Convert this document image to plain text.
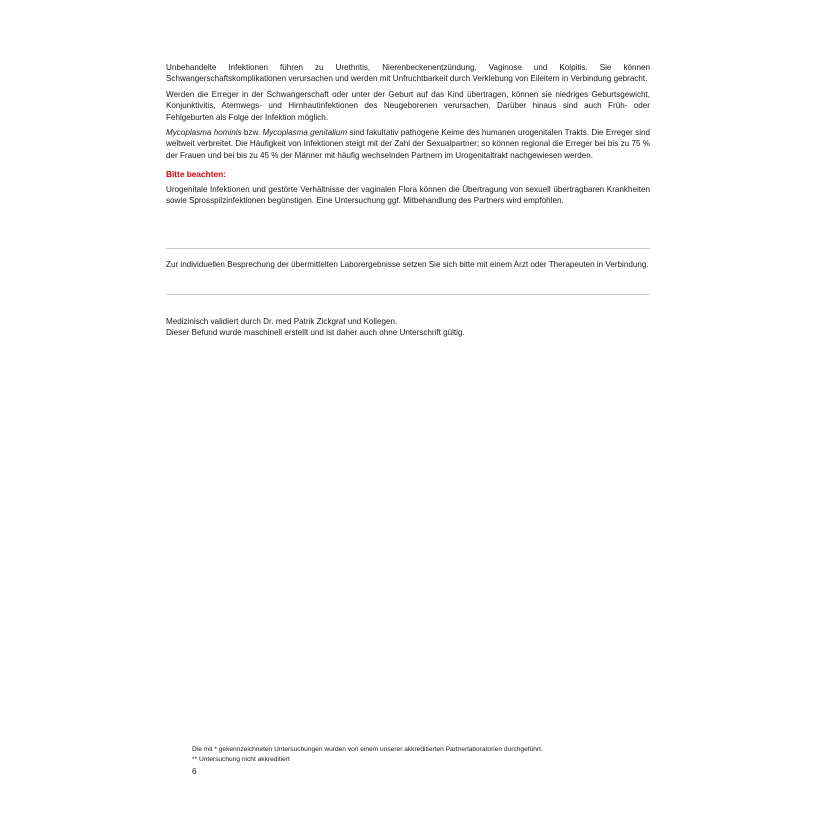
Unbehandelte Infektionen führen zu Urethritis, Nierenbeckenentzündung, Vaginose und Kolpitis. Sie können Schwangerschaftskomplikationen verursachen und werden mit Unfruchtbarkeit durch Verklebung von Eileitern in Verbindung gebracht.

Werden die Erreger in der Schwangerschaft oder unter der Geburt auf das Kind übertragen, können sie niedriges Geburtsgewicht, Konjunktivitis, Atemwegs- und Hirnhautinfektionen des Neugeborenen verursachen. Darüber hinaus sind auch Früh- oder Fehlgeburten als Folge der Infektion möglich.

Mycoplasma hominis bzw. Mycoplasma genitalium sind fakultativ pathogene Keime des humanen urogenitalen Trakts. Die Erreger sind weltweit verbreitet. Die Häufigkeit von Infektionen steigt mit der Zahl der Sexualpartner; so können regional die Erreger bei bis zu 75 % der Frauen und bei bis zu 45 % der Männer mit häufig wechselnden Partnern im Urogenitaltrakt nachgewiesen werden.

Bitte beachten:

Urogenitale Infektionen und gestörte Verhältnisse der vaginalen Flora können die Übertragung von sexuell übertragbaren Krankheiten sowie Sprosspilzinfektionen begünstigen. Eine Untersuchung ggf. Mitbehandlung des Partners wird empfohlen.

Zur individuellen Besprechung der übermittelten Laborergebnisse setzen Sie sich bitte mit einem Arzt oder Therapeuten in Verbindung.
Medizinisch validiert durch Dr. med Patrik Zickgraf und Kollegen.
Dieser Befund wurde maschinell erstellt und ist daher auch ohne Unterschrift gültig.
Die mit * gekennzeichneten Untersuchungen wurden von einem unserer akkreditierten Partnerlaboratorien durchgeführt.
** Untersuchung nicht akkreditiert
6
